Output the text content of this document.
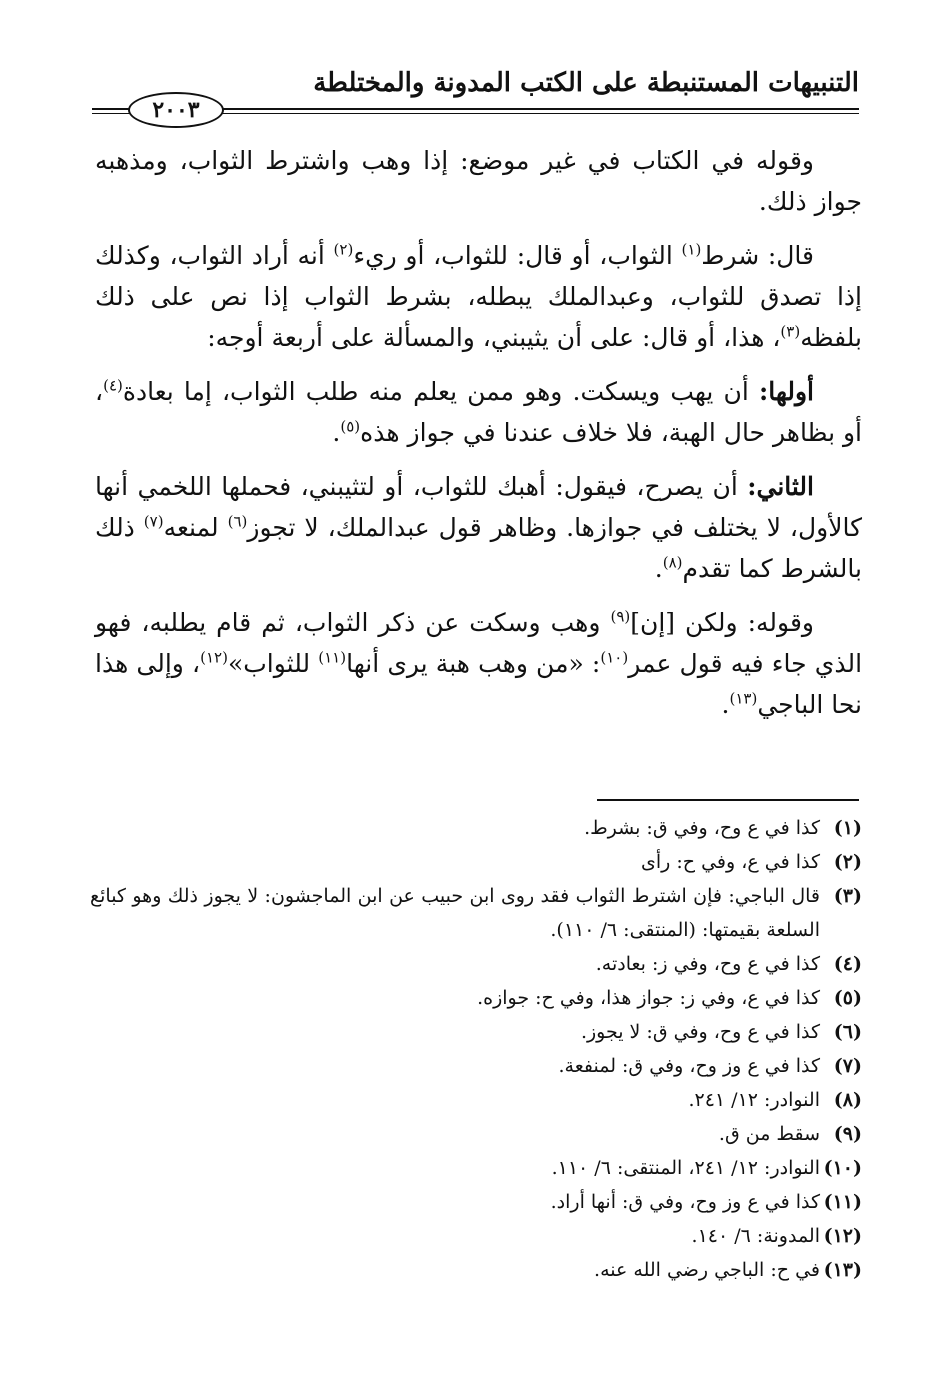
التنبيهات المستنبطة على الكتب المدونة والمختلطة
٢٠٠٣

وقوله في الكتاب في غير موضع: إذا وهب واشترط الثواب، ومذهبه جواز ذلك.

قال: شرط$^{(١)}$ الثواب، أو قال: للثواب، أو ريء$^{(٢)}$ أنه أراد الثواب، وكذلك إذا تصدق للثواب، وعبدالملك يبطله، بشرط الثواب إذا نص على ذلك بلفظه$^{(٣)}$، هذا، أو قال: على أن يثيبني، والمسألة على أربعة أوجه:

أولها: أن يهب ويسكت. وهو ممن يعلم منه طلب الثواب، إما بعادة$^{(٤)}$، أو بظاهر حال الهبة، فلا خلاف عندنا في جواز هذه$^{(٥)}$.

الثاني: أن يصرح، فيقول: أهبك للثواب، أو لتثيبني، فحملها اللخمي أنها كالأول، لا يختلف في جوازها. وظاهر قول عبدالملك، لا تجوز$^{(٦)}$ لمنعه$^{(٧)}$ ذلك بالشرط كما تقدم$^{(٨)}$.

وقوله: ولكن [إن]$^{(٩)}$ وهب وسكت عن ذكر الثواب، ثم قام يطلبه، فهو الذي جاء فيه قول عمر$^{(١٠)}$: «من وهب هبة يرى أنها$^{(١١)}$ للثواب»$^{(١٢)}$، وإلى هذا نحا الباجي$^{(١٣)}$.

(١)
كذا في ع وح، وفي ق: بشرط.
(٢)
كذا في ع، وفي ح: رأى
(٣)
قال الباجي: فإن اشترط الثواب فقد روى ابن حبيب عن ابن الماجشون: لا يجوز ذلك وهو كبائع السلعة بقيمتها: (المنتقى: ٦/ ١١٠).
(٤)
كذا في ع وح، وفي ز: بعادته.
(٥)
كذا في ع، وفي ز: جواز هذا، وفي ح: جوازه.
(٦)
كذا في ع وح، وفي ق: لا يجوز.
(٧)
كذا في ع وز وح، وفي ق: لمنفعة.
(٨)
النوادر: ١٢/ ٢٤١.
(٩)
سقط من ق.
(١٠)
النوادر: ١٢/ ٢٤١، المنتقى: ٦/ ١١٠.
(١١)
كذا في ع وز وح، وفي ق: أنها أراد.
(١٢)
المدونة: ٦/ ١٤٠.
(١٣)
في ح: الباجي رضي الله عنه.
